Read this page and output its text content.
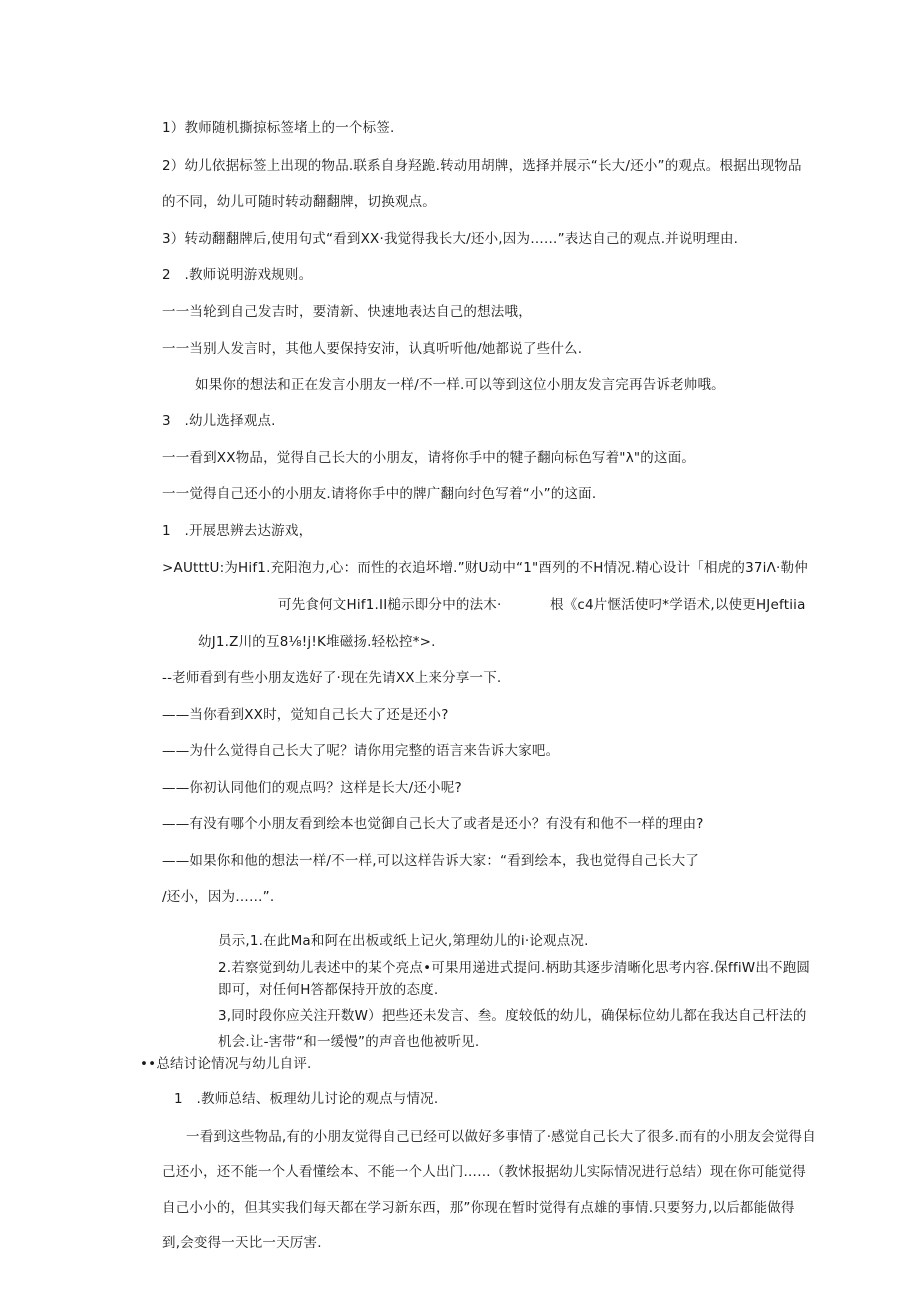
1）教师随机撕掠标签堵上的一个标签.

2）幼儿依据标签上出现的物品.联系自身羟跪.转动用胡牌，选择并展示“长大/还小”的观点。根据出现物品

的不同，幼儿可随时转动翻翻牌，切换观点。

3）转动翻翻牌后,使用句式“看到XX·我觉得我长大/还小,因为……”表达自己的观点.并说明理由.

2　.教师说明游戏规则。

一一当轮到自己发吉时，要清新、快速地表达自己的想法哦，

一一当别人发言时，其他人要保持安沛，认真听听他/她都说了些什么.

如果你的想法和正在发言小朋友一样/不一样.可以等到这位小朋友发言完再告诉老帅哦。

3　.幼儿选择观点.

一一看到XX物品，觉得自己长大的小朋友，请将你手中的犍子翻向标色写着"λ"的这面。

一一觉得自己还小的小朋友.请将你手中的牌广翻向纣色写着“小”的这面.

1　.开展思辨去达游戏，

>AUtttU:为Hif1.充阳泡力,心：而性的衣追坏增.”财U动中“1"酉列的不H情况.精心设计「相虎的37iΛ·勒仲

可先食何文Hif1.II槌示即分中的法木·	根《c4片惬活使叼*学语术,以使更HJeftiia

幼J1.Z川的互8⅛!j!K堆磁扬.轻松控*>.

--老师看到有些小朋友选好了·现在先请XX上来分享一下.

——当你看到XX时，觉知自己长大了还是还小?

——为什么觉得自己长大了呢？请你用完整的语言来告诉大家吧。

——你初认同他们的观点吗？这样是长大/还小呢?

——有没有哪个小朋友看到绘本也觉御自己长大了或者是还小？有没有和他不一样的理由?

——如果你和他的想法一样/不一样,可以这样告诉大家：“看到绘本，我也觉得自己长大了

/还小，因为……”.

员示,1.在此Ma和阿在出板或纸上记火,第理幼儿的i·论观点况.

2.若察觉到幼儿表述中的某个亮点•可果用递进式提问.柄助其逐步清晰化思考内容.保ffiW出不跑圆

即可，对任何H答都保持开放的态度.

3,同时段你应关注幵数W）把些还未发言、叁。度较低的幼儿，确保标位幼儿都在我达自己杆法的

机会.让-害带“和一缓慢”的声音也他被听见.

••总结讨论情况与幼儿自评.

1　.教师总结、板理幼儿讨论的观点与情况.

一看到这些物品,有的小朋友觉得自己已经可以做好多事情了·感觉自己长大了很多.而有的小朋友会觉得自

己还小，还不能一个人看懂绘本、不能一个人出门……（教怵报据幼儿实际情况进行总结）现在你可能觉得

自己小小的，但其实我们每天都在学习新东西，那”你现在暂时觉得有点雄的事情.只要努力,以后都能做得

到,会变得一天比一天厉害.
